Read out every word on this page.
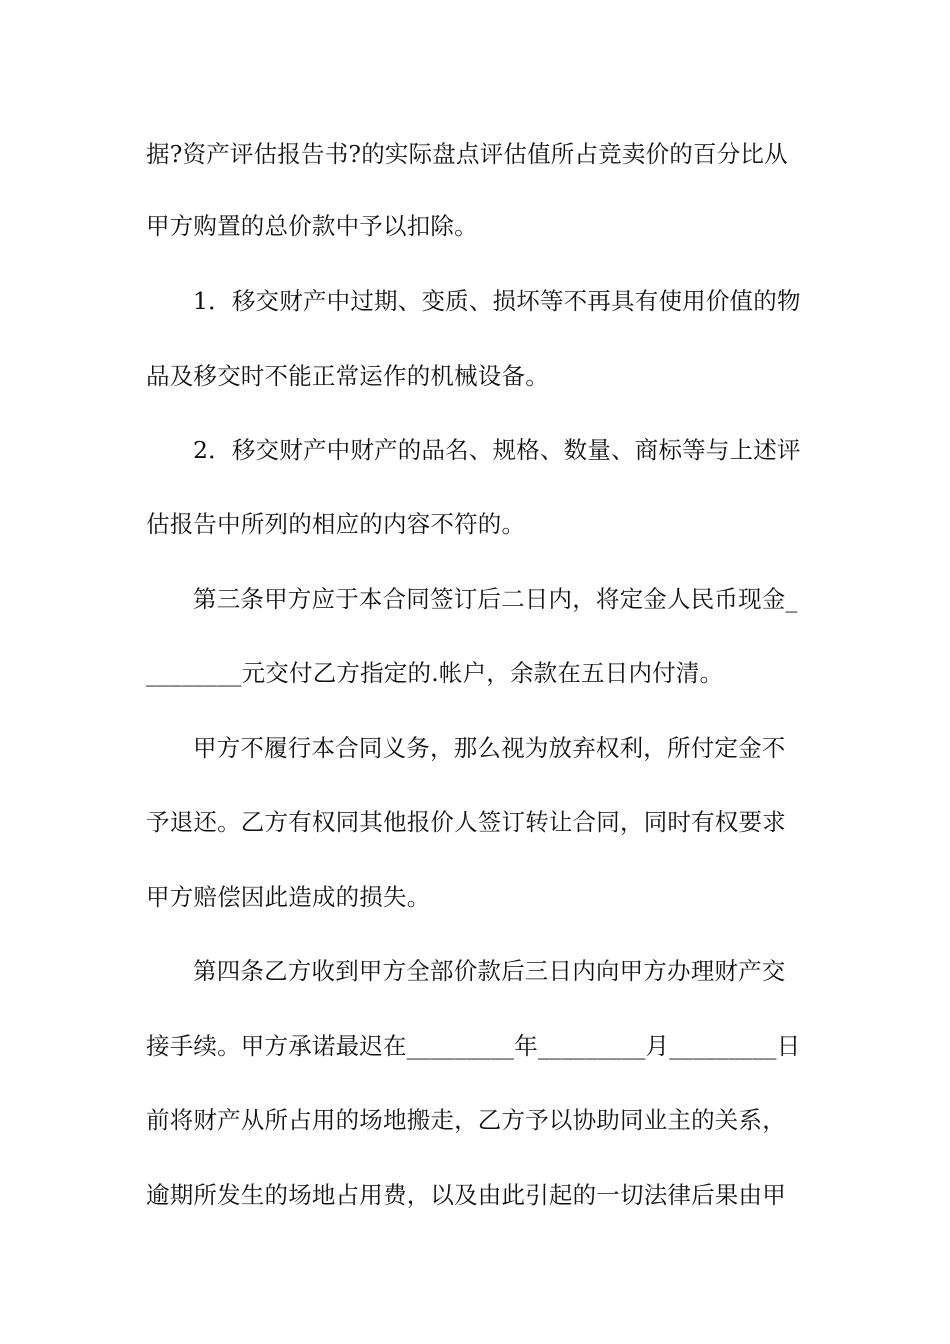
据?资产评估报告书?的实际盘点评估值所占竞卖价的百分比从
甲方购置的总价款中予以扣除。
1．移交财产中过期、变质、损坏等不再具有使用价值的物
品及移交时不能正常运作的机械设备。
2．移交财产中财产的品名、规格、数量、商标等与上述评
估报告中所列的相应的内容不符的。
第三条甲方应于本合同签订后二日内，将定金人民币现金_
________元交付乙方指定的.帐户，余款在五日内付清。
甲方不履行本合同义务，那么视为放弃权利，所付定金不
予退还。乙方有权同其他报价人签订转让合同，同时有权要求
甲方赔偿因此造成的损失。
第四条乙方收到甲方全部价款后三日内向甲方办理财产交
接手续。甲方承诺最迟在_________年_________月_________日
前将财产从所占用的场地搬走，乙方予以协助同业主的关系，
逾期所发生的场地占用费，以及由此引起的一切法律后果由甲
